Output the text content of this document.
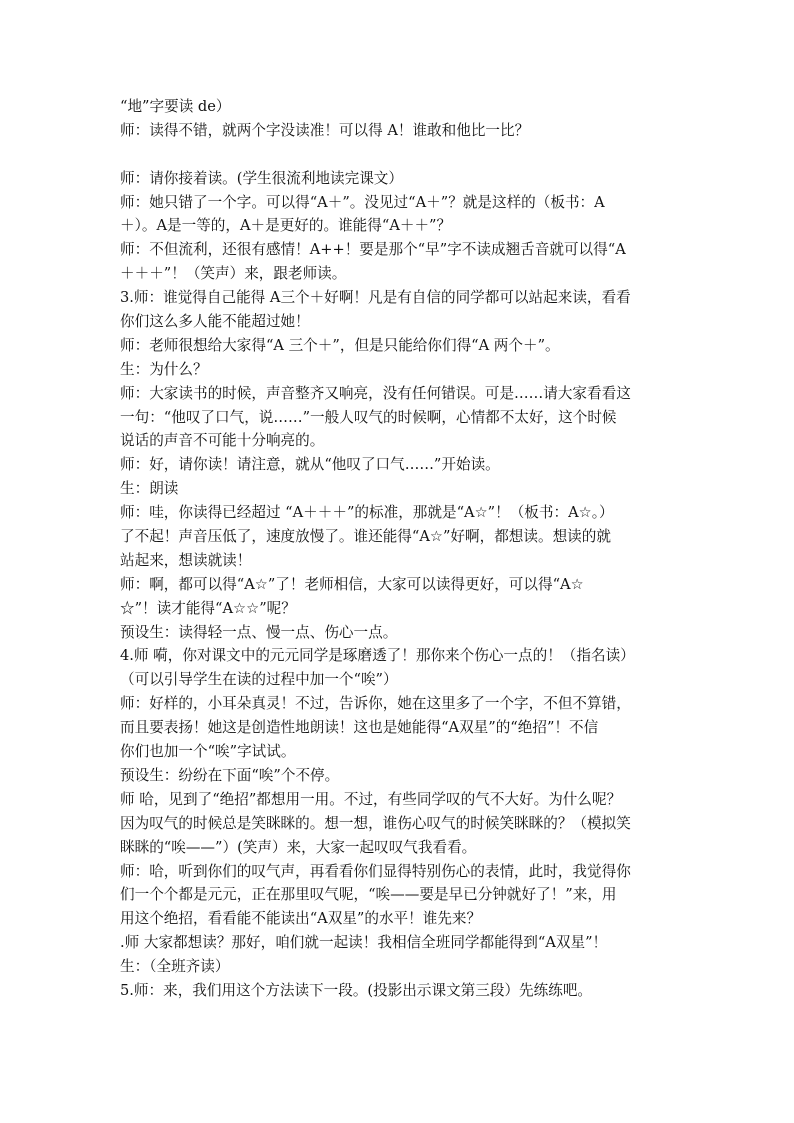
“地”字要读 de）
师：读得不错，就两个字没读准！可以得 A！谁敢和他比一比？
师：请你接着读。(学生很流利地读完课文）
师：她只错了一个字。可以得“A＋”。没见过“A＋”？就是这样的（板书：A
＋）。A是一等的，A＋是更好的。谁能得“A＋＋”？
师：不但流利，还很有感情！A++！要是那个“早”字不读成翘舌音就可以得“A
＋＋＋”！（笑声）来，跟老师读。
3.师：谁觉得自己能得 A三个＋好啊！凡是有自信的同学都可以站起来读，看看
你们这么多人能不能超过她！
师：老师很想给大家得“A 三个＋”，但是只能给你们得“A 两个＋”。
生：为什么？
师：大家读书的时候，声音整齐又响亮，没有任何错误。可是……请大家看看这
一句：“他叹了口气，说……”一般人叹气的时候啊，心情都不太好，这个时候
说话的声音不可能十分响亮的。
师：好，请你读！请注意，就从“他叹了口气……”开始读。
生：朗读
师：哇，你读得已经超过 “A＋＋＋”的标准，那就是“A☆”！（板书：A☆。）
了不起！声音压低了，速度放慢了。谁还能得“A☆”好啊，都想读。想读的就
站起来，想读就读！
师：啊，都可以得“A☆”了！老师相信，大家可以读得更好，可以得“A☆
☆”！读才能得“A☆☆”呢？
预设生：读得轻一点、慢一点、伤心一点。
4.师 嗬，你对课文中的元元同学是琢磨透了！那你来个伤心一点的！（指名读）
（可以引导学生在读的过程中加一个“唉”）
师：好样的，小耳朵真灵！不过，告诉你，她在这里多了一个字，不但不算错，
而且要表扬！她这是创造性地朗读！这也是她能得“A双星”的“绝招”！不信
你们也加一个“唉”字试试。
预设生：纷纷在下面“唉”个不停。
师 哈，见到了“绝招”都想用一用。不过，有些同学叹的气不大好。为什么呢？
因为叹气的时候总是笑眯眯的。想一想，谁伤心叹气的时候笑眯眯的？（模拟笑
眯眯的“唉——”）(笑声）来，大家一起叹叹气我看看。
师：哈，听到你们的叹气声，再看看你们显得特别伤心的表情，此时，我觉得你
们一个个都是元元，正在那里叹气呢，“唉——要是早已分钟就好了！”来，用
用这个绝招，看看能不能读出“A双星”的水平！谁先来？
.师 大家都想读？那好，咱们就一起读！我相信全班同学都能得到“A双星”！
生：（全班齐读）
5.师：来，我们用这个方法读下一段。(投影出示课文第三段）先练练吧。
